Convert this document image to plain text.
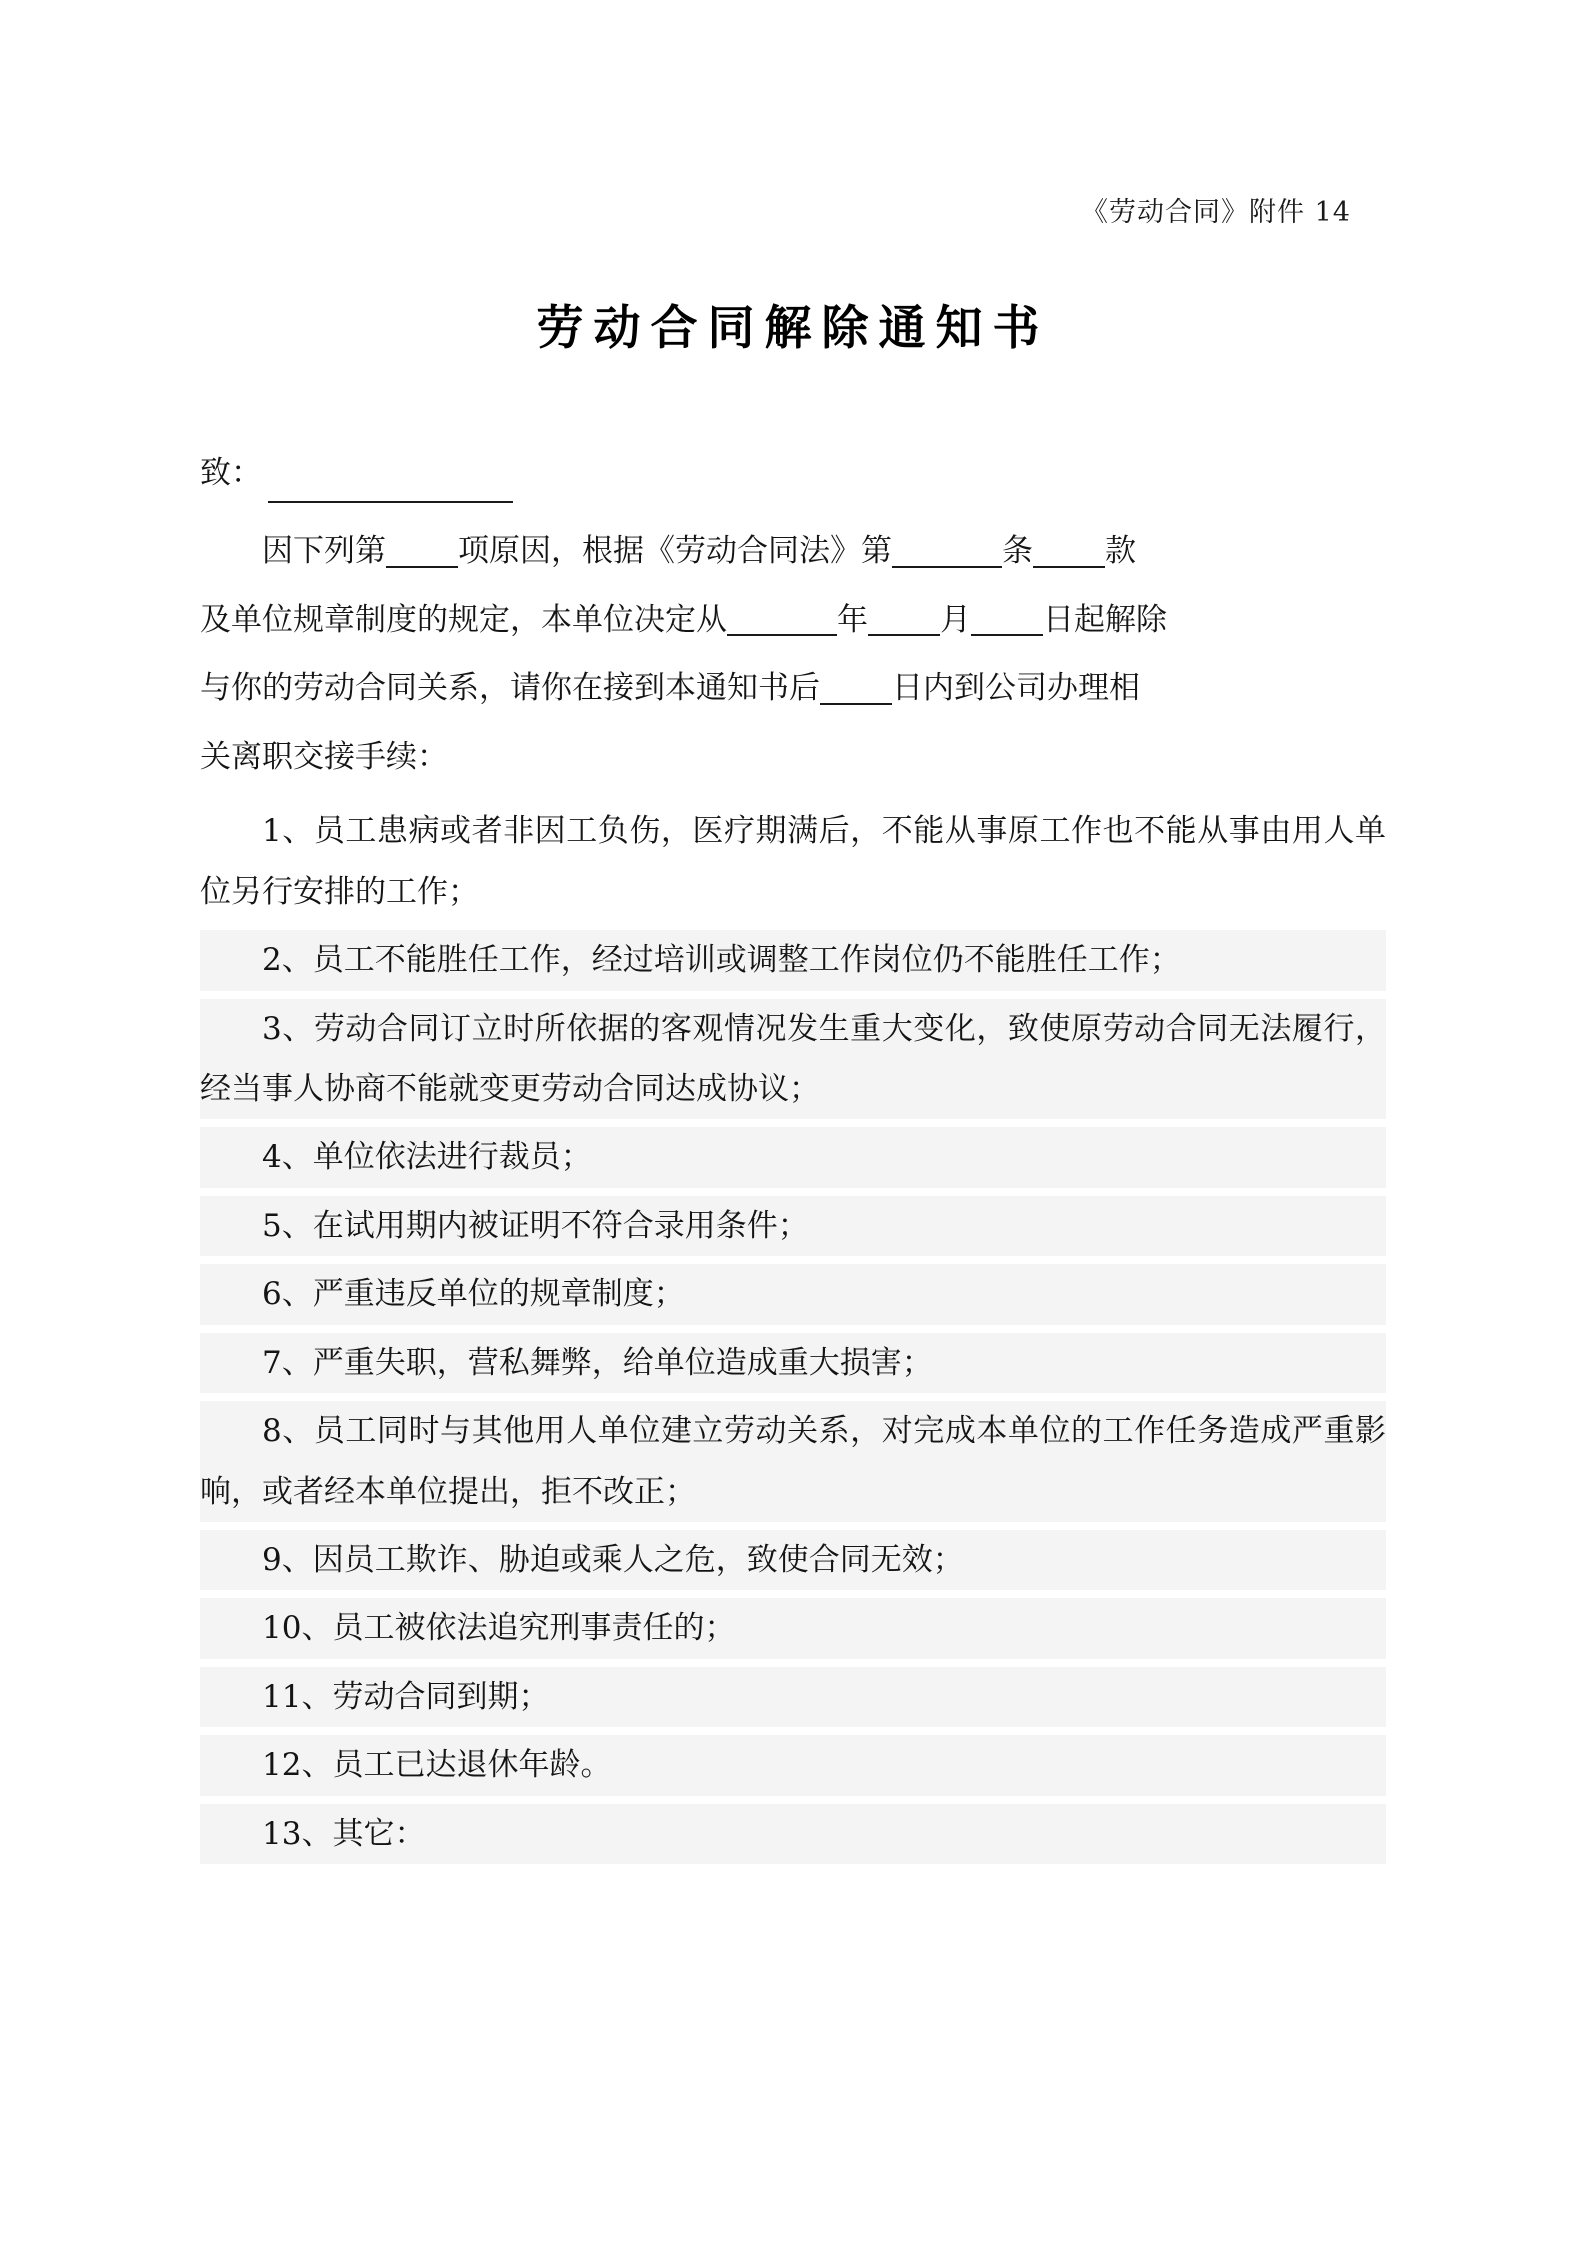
《劳动合同》附件 14
劳动合同解除通知书
致：

因下列第 项原因，根据《劳动合同法》第	条 款

及单位规章制度的规定，本单位决定从	年 月 日起解除

与你的劳动合同关系，请你在接到本通知书后 日内到公司办理相

关离职交接手续：

1、员工患病或者非因工负伤，医疗期满后，不能从事原工作也不能从事由用人单位另行安排的工作；
2、员工不能胜任工作，经过培训或调整工作岗位仍不能胜任工作；
3、劳动合同订立时所依据的客观情况发生重大变化，致使原劳动合同无法履行，经当事人协商不能就变更劳动合同达成协议；
4、单位依法进行裁员；
5、在试用期内被证明不符合录用条件；
6、严重违反单位的规章制度；
7、严重失职，营私舞弊，给单位造成重大损害；
8、员工同时与其他用人单位建立劳动关系，对完成本单位的工作任务造成严重影响，或者经本单位提出，拒不改正；
9、因员工欺诈、胁迫或乘人之危，致使合同无效；
10、员工被依法追究刑事责任的；
11、劳动合同到期；
12、员工已达退休年龄。
13、其它：
